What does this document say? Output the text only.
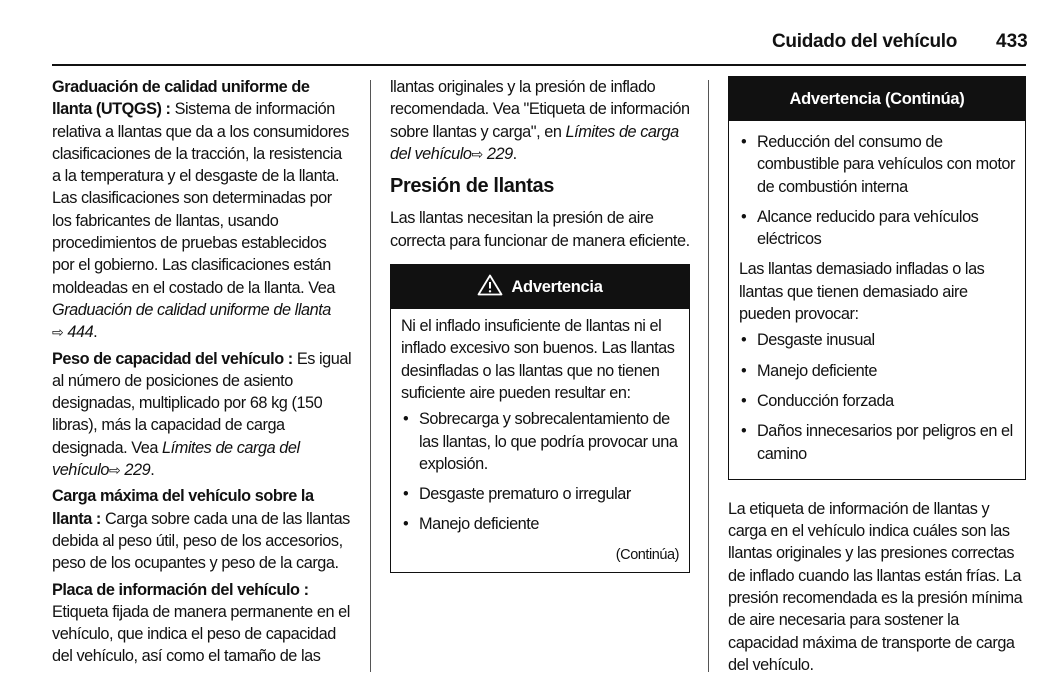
Cuidado del vehículo 433

Graduación de calidad uniforme de llanta (UTQGS) : Sistema de información relativa a llantas que da a los consumidores clasificaciones de la tracción, la resistencia a la temperatura y el desgaste de la llanta. Las clasificaciones son determinadas por los fabricantes de llantas, usando procedimientos de pruebas establecidos por el gobierno. Las clasificaciones están moldeadas en el costado de la llanta. Vea Graduación de calidad uniforme de llanta
⇨ 444.

Peso de capacidad del vehículo : Es igual al número de posiciones de asiento designadas, multiplicado por 68 kg (150 libras), más la capacidad de carga designada. Vea Límites de carga del vehículo⇨ 229.

Carga máxima del vehículo sobre la llanta : Carga sobre cada una de las llantas debida al peso útil, peso de los accesorios, peso de los ocupantes y peso de la carga.

Placa de información del vehículo : Etiqueta fijada de manera permanente en el vehículo, que indica el peso de capacidad del vehículo, así como el tamaño de las

llantas originales y la presión de inflado recomendada. Vea "Etiqueta de información sobre llantas y carga", en Límites de carga del vehículo⇨ 229.

Presión de llantas

Las llantas necesitan la presión de aire correcta para funcionar de manera eficiente.

Advertencia

Ni el inflado insuficiente de llantas ni el inflado excesivo son buenos. Las llantas desinfladas o las llantas que no tienen suficiente aire pueden resultar en:

• Sobrecarga y sobrecalentamiento de las llantas, lo que podría provocar una explosión.
• Desgaste prematuro o irregular
• Manejo deficiente
(Continúa)
Advertencia (Continúa)
• Reducción del consumo de combustible para vehículos con motor de combustión interna
• Alcance reducido para vehículos eléctricos

Las llantas demasiado infladas o las llantas que tienen demasiado aire pueden provocar:

• Desgaste inusual
• Manejo deficiente
• Conducción forzada
• Daños innecesarios por peligros en el camino

La etiqueta de información de llantas y carga en el vehículo indica cuáles son las llantas originales y las presiones correctas de inflado cuando las llantas están frías. La presión recomendada es la presión mínima de aire necesaria para sostener la capacidad máxima de transporte de carga del vehículo.
